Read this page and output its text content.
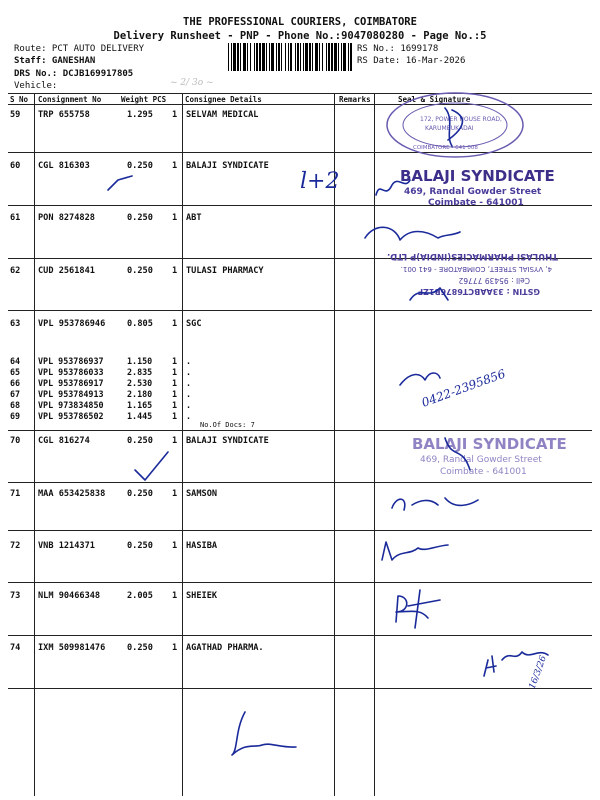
THE PROFESSIONAL COURIERS, COIMBATORE
Delivery Runsheet - PNP - Phone No.:9047080280 - Page No.:5
Route: PCT AUTO DELIVERY
Staff: GANESHAN
DRS No.: DCJB169917805
Vehicle:
RS No.: 1699178
RS Date: 16-Mar-2026
~ 2/ 3o ~
S No Consignment No	Weight PCS	Consignee Details	Remarks	Seal & Signature
59 TRP 655758	1.295 1 SELVAM MEDICAL
60 CGL 816303	0.250 1 BALAJI SYNDICATE
61 PON 8274828	0.250 1 ABT
62 CUD 2561841	0.250 1 TULASI PHARMACY
63 VPL 953786946	0.805 1 SGC
64 VPL 953786937	1.150 1 .
65 VPL 953786033	2.835 1 .
66 VPL 953786917	2.530 1 .
67 VPL 953784913	2.180 1 .
68 VPL 973834850	1.165 1 .
69 VPL 953786502	1.445 1 .
No.Of Docs: 7
70 CGL 816274	0.250 1 BALAJI SYNDICATE
71 MAA 653425838	0.250 1 SAMSON
72 VNB 1214371	0.250 1 HASIBA
73 NLM 90466348	2.005 1 SHEIEK
74 IXM 509981476	0.250 1 AGATHAD PHARMA.
172, POWER HOUSE ROAD,
KARUMBUKADAI
COIMBATORE - 641 008
l+2	BALAJI SYNDICATE
469, Randal Gowder Street
Coimbate - 641001
GSTIN : 33AABCT6876B1ZF
Cell : 95439 77762
4, VYSIAL STREET, COIMBATORE - 641 001.
THULASI PHARMACIES(INDIA)P LTD.
0422-2395856
BALAJI SYNDICATE
469, Randal Gowder Street
Coimbate - 641001
16/3/26
